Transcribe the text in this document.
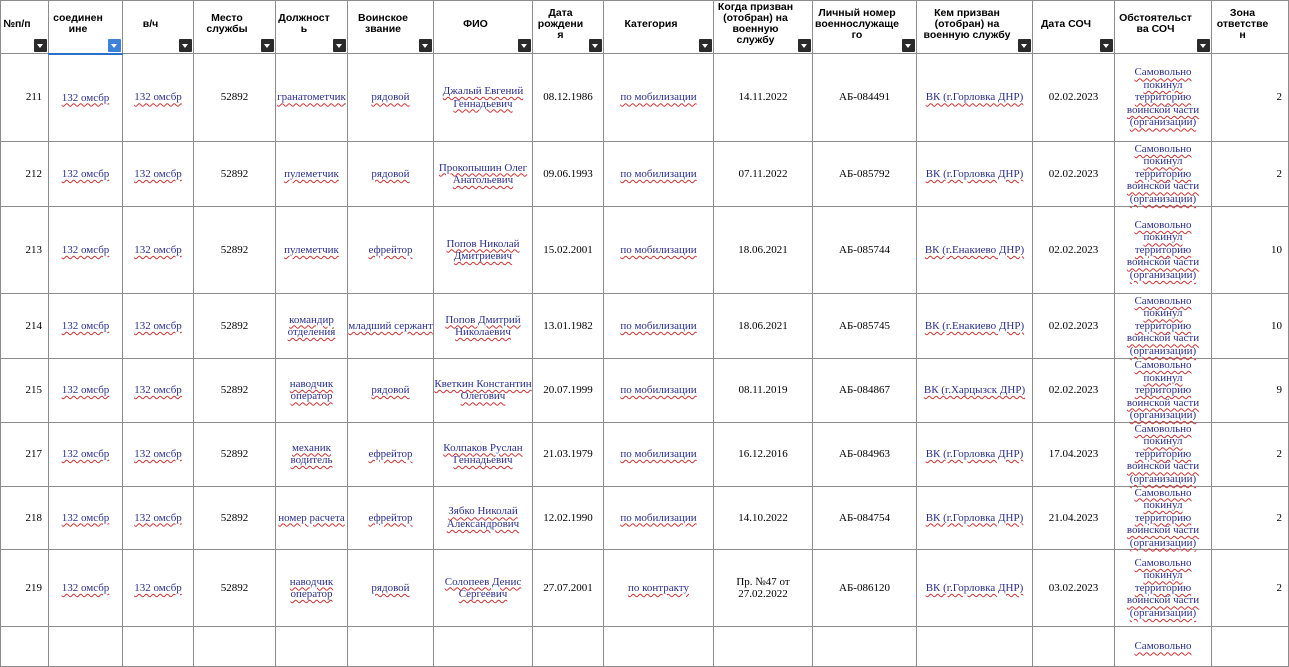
№п/п	соединенине	в/ч	Место службы	Должность	Воинское звание	ФИО	Дата рождения	Категория	Когда призван (отобран) на военную службу	Личный номер военнослужащего	Кем призван (отобран) на военную службу	Дата СОЧ	Обстоятельства СОЧ	Зона ответствен

211	132 омсбр	132 омсбр	52892	гранатометчик	рядовой	Джалый Евгений Геннадьевич	08.12.1986	по мобилизации	14.11.2022	АБ-084491	ВК (г.Горловка ДНР)	02.02.2023	Самовольно покинул территорию воинской части (организации)	2
212	132 омсбр	132 омсбр	52892	пулеметчик	рядовой	Прокопышин Олег Анатольевич	09.06.1993	по мобилизации	07.11.2022	АБ-085792	ВК (г.Горловка ДНР)	02.02.2023	Самовольно покинул территорию воинской части (организации)	2
213	132 омсбр	132 омсбр	52892	пулеметчик	ефрейтор	Попов Николай Дмитриевич	15.02.2001	по мобилизации	18.06.2021	АБ-085744	ВК (г.Енакиево ДНР)	02.02.2023	Самовольно покинул территорию воинской части (организации)	10
214	132 омсбр	132 омсбр	52892	командир отделения	младший сержант	Попов Дмитрий Николаевич	13.01.1982	по мобилизации	18.06.2021	АБ-085745	ВК (г.Енакиево ДНР)	02.02.2023	Самовольно покинул территорию воинской части (организации)	10
215	132 омсбр	132 омсбр	52892	наводчик оператор	рядовой	Кветкин Константин Олегович	20.07.1999	по мобилизации	08.11.2019	АБ-084867	ВК (г.Харцызск ДНР)	02.02.2023	Самовольно покинул территорию воинской части (организации)	9
217	132 омсбр	132 омсбр	52892	механик водитель	ефрейтор	Колпаков Руслан Геннадьевич	21.03.1979	по мобилизации	16.12.2016	АБ-084963	ВК (г.Горловка ДНР)	17.04.2023	Самовольно покинул территорию воинской части (организации)	2
218	132 омсбр	132 омсбр	52892	номер расчета	ефрейтор	Зябко Николай Александрович	12.02.1990	по мобилизации	14.10.2022	АБ-084754	ВК (г.Горловка ДНР)	21.04.2023	Самовольно покинул территорию воинской части (организации)	2
219	132 омсбр	132 омсбр	52892	наводчик оператор	рядовой	Солопеев Денис Сергеевич	27.07.2001	по контракту	Пр. №47 от 27.02.2022	АБ-086120	ВК (г.Горловка ДНР)	03.02.2023	Самовольно покинул территорию воинской части (организации)	2
													Самовольно	
